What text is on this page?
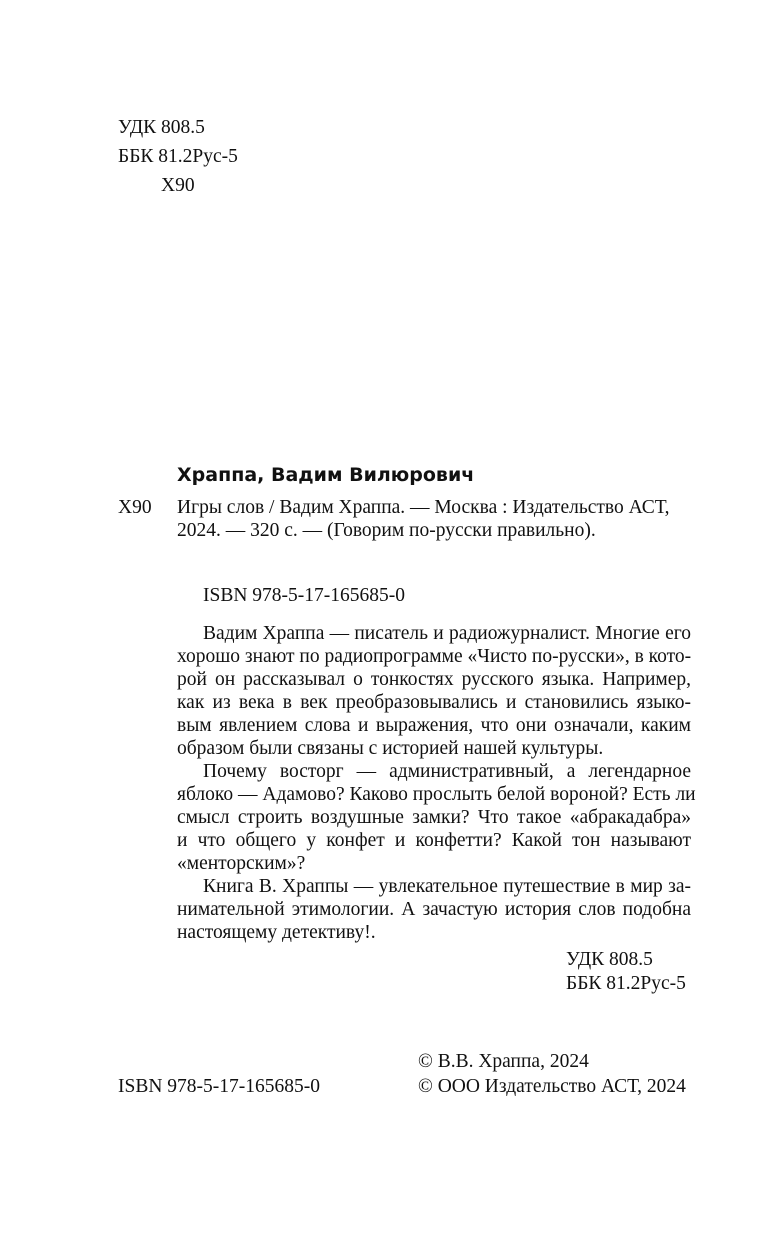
УДК 808.5
ББК 81.2Рус-5
Х90
Храппа, Вадим Вилюрович
Х90 Игры слов / Вадим Храппа. — Москва : Издательство АСТ,
2024. — 320 с. — (Говорим по-русски правильно).
ISBN 978-5-17-165685-0
Вадим Храппа — писатель и радиожурналист. Многие его
хорошо знают по радиопрограмме «Чисто по-русски», в кото-
рой он рассказывал о тонкостях русского языка. Например,
как из века в век преобразовывались и становились языко-
вым явлением слова и выражения, что они означали, каким
образом были связаны с историей нашей культуры.
Почему восторг — административный, а легендарное
яблоко — Адамово? Каково прослыть белой вороной? Есть ли
смысл строить воздушные замки? Что такое «абракадабра»
и что общего у конфет и конфетти? Какой тон называют
«менторским»?
Книга В. Храппы — увлекательное путешествие в мир за-
нимательной этимологии. А зачастую история слов подобна
настоящему детективу!.
УДК 808.5
ББК 81.2Рус-5
ISBN 978-5-17-165685-0
© В.В. Храппа, 2024
© ООО Издательство АСТ, 2024
